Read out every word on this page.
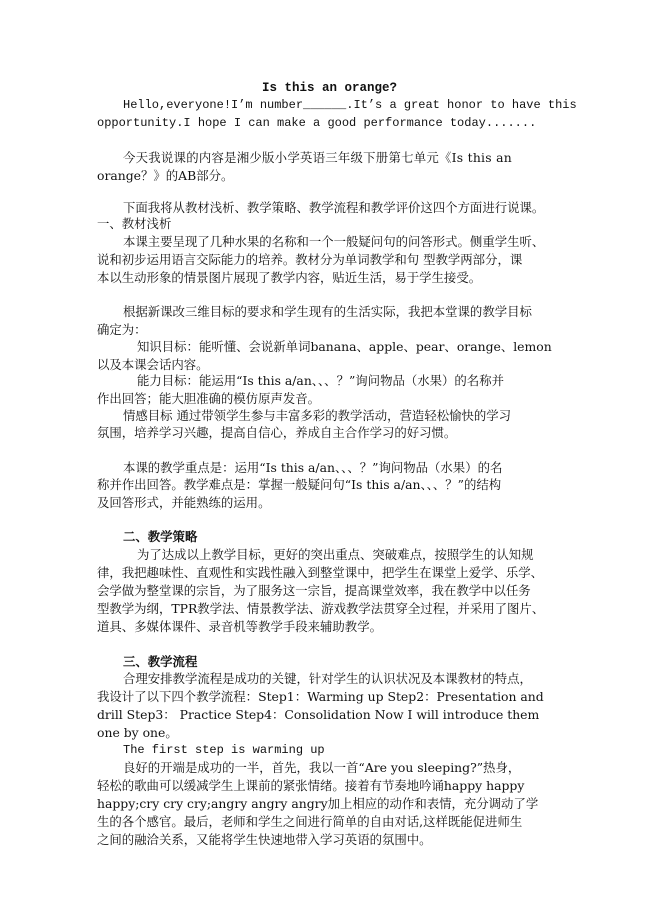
Is this an orange?
Hello,everyone!I’m number______.It’s a great honor to have this
opportunity.I hope I can make a good performance today.......
今天我说课的内容是湘少版小学英语三年级下册第七单元《Is this an
orange？》的AB部分。
下面我将从教材浅析、教学策略、教学流程和教学评价这四个方面进行说课。
一、教材浅析
本课主要呈现了几种水果的名称和一个一般疑问句的问答形式。侧重学生听、
说和初步运用语言交际能力的培养。教材分为单词教学和句 型教学两部分，课
本以生动形象的情景图片展现了教学内容，贴近生活，易于学生接受。
根据新课改三维目标的要求和学生现有的生活实际，我把本堂课的教学目标
确定为：
知识目标：能听懂、会说新单词banana、apple、pear、orange、lemon
以及本课会话内容。
能力目标：能运用“Is this a/an、、、？”询问物品（水果）的名称并
作出回答；能大胆准确的模仿原声发音。
情感目标 通过带领学生参与丰富多彩的教学活动，营造轻松愉快的学习
氛围，培养学习兴趣，提高自信心，养成自主合作学习的好习惯。
本课的教学重点是：运用“Is this a/an、、、？”询问物品（水果）的名
称并作出回答。教学难点是：掌握一般疑问句“Is this a/an、、、？”的结构
及回答形式，并能熟练的运用。
二、教学策略
为了达成以上教学目标，更好的突出重点、突破难点，按照学生的认知规
律，我把趣味性、直观性和实践性融入到整堂课中，把学生在课堂上爱学、乐学、
会学做为整堂课的宗旨，为了服务这一宗旨，提高课堂效率，我在教学中以任务
型教学为纲，TPR教学法、情景教学法、游戏教学法贯穿全过程，并采用了图片、
道具、多媒体课件、录音机等教学手段来辅助教学。
三、教学流程
合理安排教学流程是成功的关键，针对学生的认识状况及本课教材的特点，
我设计了以下四个教学流程：Step1：Warming up Step2：Presentation and
drill Step3： Practice Step4：Consolidation Now I will introduce them
one by one。
The first step is warming up
良好的开端是成功的一半，首先，我以一首“Are you sleeping?”热身，
轻松的歌曲可以缓减学生上课前的紧张情绪。接着有节奏地吟诵happy happy
happy;cry cry cry;angry angry angry加上相应的动作和表情，充分调动了学
生的各个感官。最后，老师和学生之间进行简单的自由对话,这样既能促进师生
之间的融洽关系，又能将学生快速地带入学习英语的氛围中。
